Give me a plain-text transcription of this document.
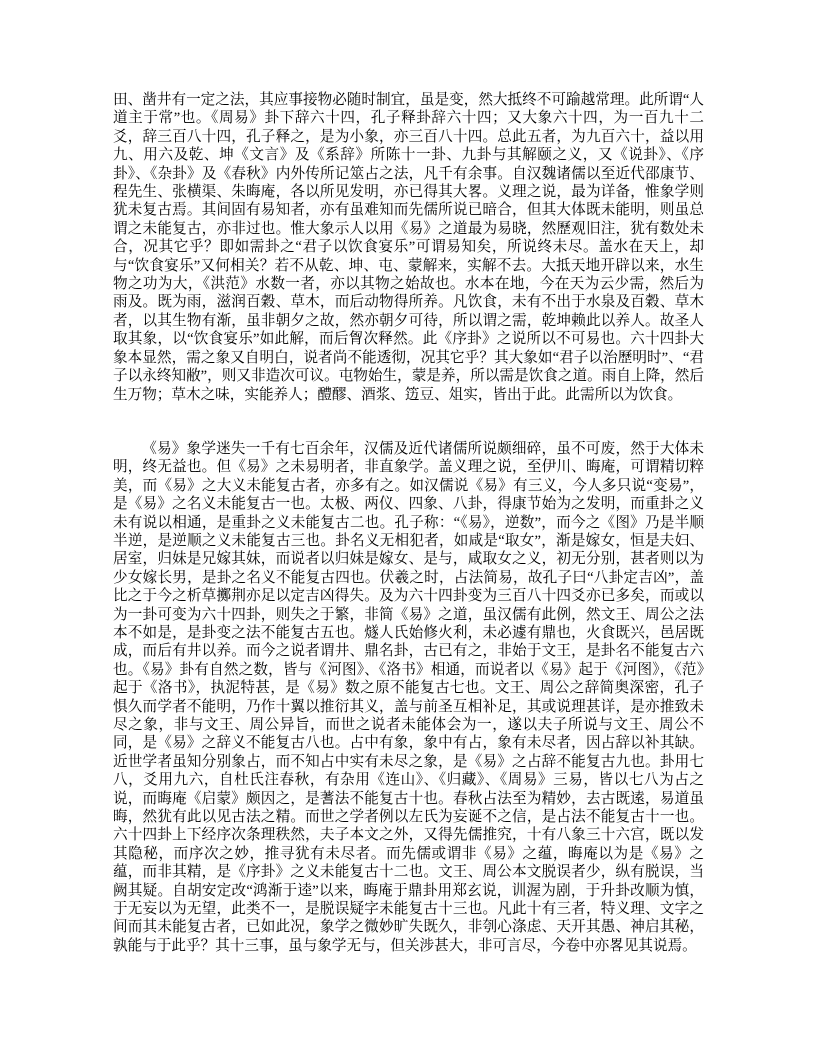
田、凿井有一定之法，其应事接物必随时制宜，虽是变，然大抵终不可踰越常理。此所谓“人道主于常”也。《周易》卦下辞六十四，孔子释卦辞六十四；又大象六十四，为一百九十二爻，辞三百八十四，孔子释之，是为小象，亦三百八十四。总此五者，为九百六十，益以用九、用六及乾、坤《文言》及《系辞》所陈十一卦、九卦与其解颐之义，又《说卦》、《序卦》、《杂卦》及《春秋》内外传所记筮占之法，凡千有余事。自汉魏诸儒以至近代邵康节、程先生、张横渠、朱晦庵，各以所见发明，亦已得其大畧。义理之说，最为详备，惟象学则犹未复古焉。其间固有易知者，亦有虽难知而先儒所说已暗合，但其大体既未能明，则虽总谓之未能复古，亦非过也。惟大象示人以用《易》之道最为易晓，然歷观旧注，犹有数处未合，况其它乎？即如需卦之“君子以饮食宴乐”可谓易知矣，所说终未尽。盖水在天上，却与“饮食宴乐”又何相关？若不从乾、坤、屯、蒙解来，实解不去。大抵天地开辟以来，水生物之功为大，《洪范》水数一者，亦以其物之始故也。水本在地，今在天为云少需，然后为雨及。既为雨，滋润百穀、草木，而后动物得所养。凡饮食，未有不出于水泉及百穀、草木者，以其生物有渐，虽非朝夕之故，然亦朝夕可待，所以谓之需，乾坤赖此以养人。故圣人取其象，以“饮食宴乐”如此解，而后胷次释然。此《序卦》之说所以不可易也。六十四卦大象本显然，需之象又自明白，说者尚不能透彻，况其它乎？其大象如“君子以治歷明时”、“君子以永终知敝”，则又非造次可议。屯物始生，蒙是养，所以需是饮食之道。雨自上降，然后生万物；草木之味，实能养人；醴醪、酒浆、笾豆、俎实，皆出于此。此需所以为饮食。

《易》象学迷失一千有七百余年，汉儒及近代诸儒所说颇细碎，虽不可废，然于大体未明，终无益也。但《易》之未易明者，非直象学。盖义理之说，至伊川、晦庵，可谓精切粹美，而《易》之大义未能复古者，亦多有之。如汉儒说《易》有三义，今人多只说“变易”，是《易》之名义未能复古一也。太极、两仪、四象、八卦，得康节始为之发明，而重卦之义未有说以相通，是重卦之义未能复古二也。孔子称：“《易》，逆数”，而今之《图》乃是半顺半逆，是逆顺之义未能复古三也。卦名义无相犯者，如咸是“取女”，渐是嫁女，恒是夫妇、居室，归妹是兄嫁其妹，而说者以归妹是嫁女、是与，咸取女之义，初无分别，甚者则以为少女嫁长男，是卦之名义不能复古四也。伏羲之时，占法简易，故孔子曰“八卦定吉凶”，盖比之于今之析草擲荆亦足以定吉凶得失。及为六十四卦变为三百八十四爻亦已多矣，而或以为一卦可变为六十四卦，则失之于繁，非简《易》之道，虽汉儒有此例，然文王、周公之法本不如是，是卦变之法不能复古五也。燧人氏始修火利，未必遽有鼎也，火食既兴，邑居既成，而后有井以养。而今之说者谓井、鼎名卦，古已有之，非始于文王，是卦名不能复古六也。《易》卦有自然之数，皆与《河图》、《洛书》相通，而说者以《易》起于《河图》，《范》起于《洛书》，执泥特甚，是《易》数之原不能复古七也。文王、周公之辞简奥深密，孔子惧久而学者不能明，乃作十翼以推衍其义，盖与前圣互相补足，其或说理甚详，是亦推致未尽之象，非与文王、周公异旨，而世之说者未能体会为一，遂以夫子所说与文王、周公不同，是《易》之辞义不能复古八也。占中有象，象中有占，象有未尽者，因占辞以补其缺。近世学者虽知分别象占，而不知占中实有未尽之象，是《易》之占辞不能复古九也。卦用七八，爻用九六，自杜氏注春秋，有杂用《连山》、《归藏》、《周易》三易，皆以七八为占之说，而晦庵《启蒙》颇因之，是蓍法不能复古十也。春秋占法至为精妙，去古既逺，易道虽晦，然犹有此以见古法之精。而世之学者例以左氏为妄诞不之信，是占法不能复古十一也。六十四卦上下经序次条理秩然，夫子本文之外，又得先儒推究，十有八象三十六宫，既以发其隐秘，而序次之妙，推寻犹有未尽者。而先儒或谓非《易》之蕴，晦庵以为是《易》之蕴，而非其精，是《序卦》之义未能复古十二也。文王、周公本文脱误者少，纵有脱误，当阙其疑。自胡安定改“鸿渐于逵”以来，晦庵于鼎卦用郑玄说，训渥为剧，于升卦改顺为慎，于无妄以为无望，此类不一，是脱误疑字未能复古十三也。凡此十有三者，特义理、文字之间而其未能复古者，已如此况，象学之微妙旷失既久，非刳心涤虑、天开其愚、神启其秘，孰能与于此乎？其十三事，虽与象学无与，但关涉甚大，非可言尽，今卷中亦畧见其说焉。
